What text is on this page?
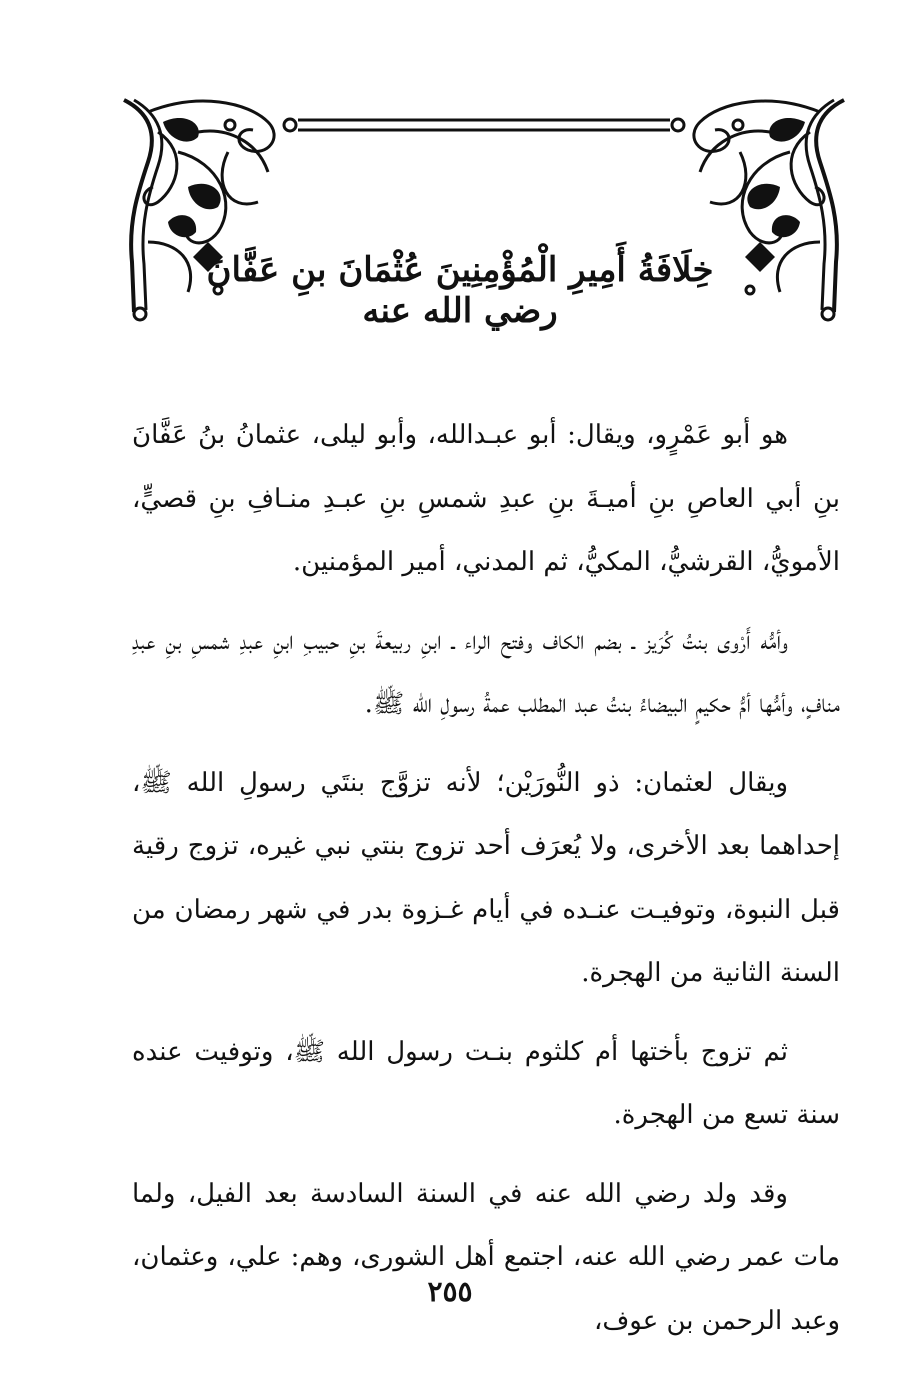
خِلَافَةُ أَمِيرِ الْمُؤْمِنِينَ عُثْمَانَ بنِ عَفَّانَ رضي الله عنه

هو أبو عَمْرٍو، ويقال: أبو عبـدالله، وأبو ليلى، عثمانُ بنُ عَفَّانَ بنِ أبي العاصِ بنِ أميـةَ بنِ عبدِ شمسِ بنِ عبـدِ منـافِ بنِ قصيٍّ، الأمويُّ، القرشيُّ، المكيُّ، ثم المدني، أمير المؤمنين.

وأمُّه أَرْوى بنتُ كُرَيز ـ بضم الكاف وفتح الراء ـ ابنِ ربيعةَ بنِ حبيبِ ابنِ عبدِ شمسِ بنِ عبدِ منافٍ، وأمُّها أمُّ حكيمٍ البيضاءُ بنتُ عبد المطلب عمةُ رسولِ الله ﷺ.

ويقال لعثمان: ذو النُّورَيْن؛ لأنه تزوَّج بنتَي رسولِ الله ﷺ، إحداهما بعد الأخرى، ولا يُعرَف أحد تزوج بنتي نبي غيره، تزوج رقية قبل النبوة، وتوفيـت عنـده في أيام غـزوة بدر في شهر رمضان من السنة الثانية من الهجرة.

ثم تزوج بأختها أم كلثوم بنـت رسول الله ﷺ، وتوفيت عنده سنة تسع من الهجرة.

وقد ولد رضي الله عنه في السنة السادسة بعد الفيل، ولما مات عمر رضي الله عنه، اجتمع أهل الشورى، وهم: علي، وعثمان، وعبد الرحمن بن عوف،

٢٥٥
